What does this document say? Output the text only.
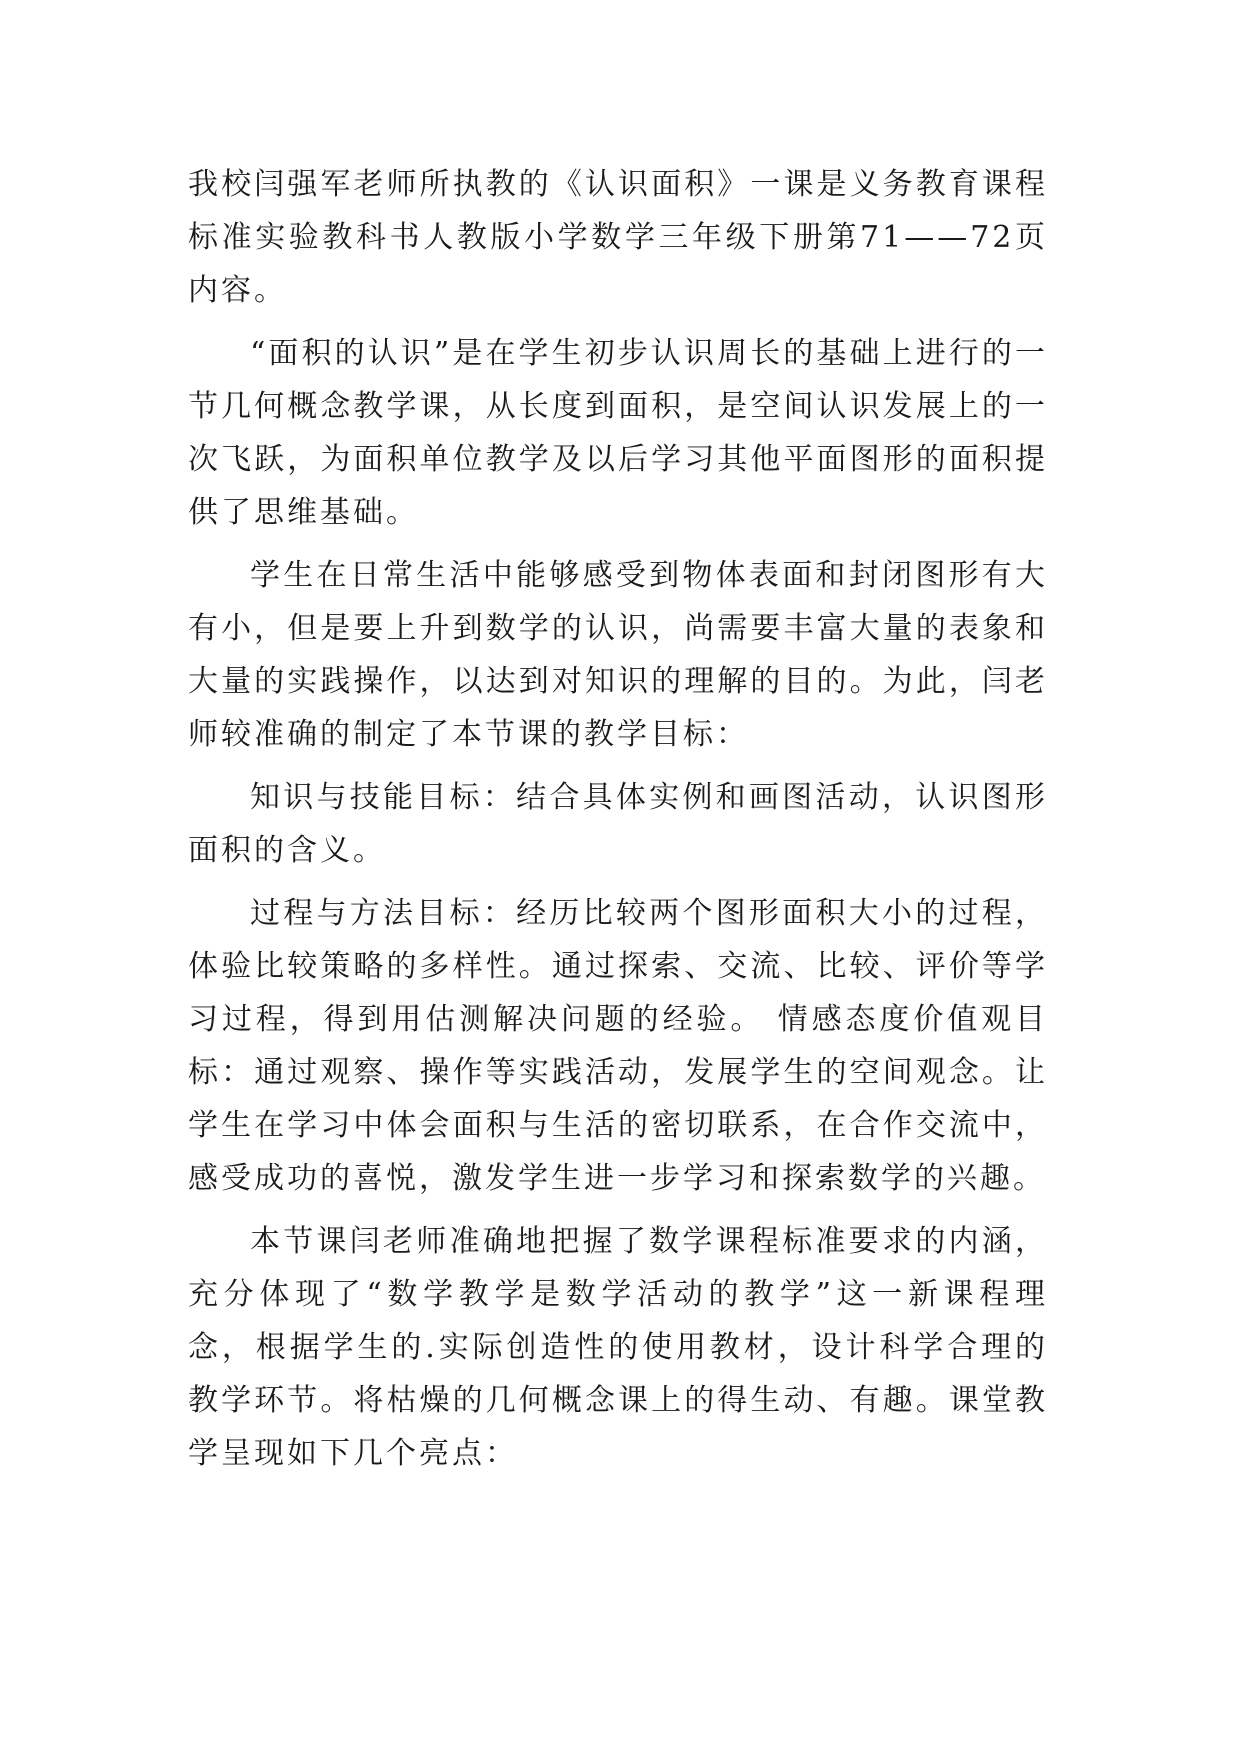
我校闫强军老师所执教的《认识面积》一课是义务教育课程标准实验教科书人教版小学数学三年级下册第71——72页内容。

“面积的认识”是在学生初步认识周长的基础上进行的一节几何概念教学课，从长度到面积，是空间认识发展上的一次飞跃，为面积单位教学及以后学习其他平面图形的面积提供了思维基础。

学生在日常生活中能够感受到物体表面和封闭图形有大有小，但是要上升到数学的认识，尚需要丰富大量的表象和大量的实践操作，以达到对知识的理解的目的。为此，闫老师较准确的制定了本节课的教学目标：

知识与技能目标：结合具体实例和画图活动，认识图形面积的含义。

过程与方法目标：经历比较两个图形面积大小的过程，体验比较策略的多样性。通过探索、交流、比较、评价等学习过程，得到用估测解决问题的经验。 情感态度价值观目标：通过观察、操作等实践活动，发展学生的空间观念。让学生在学习中体会面积与生活的密切联系，在合作交流中，感受成功的喜悦，激发学生进一步学习和探索数学的兴趣。

本节课闫老师准确地把握了数学课程标准要求的内涵，充分体现了“数学教学是数学活动的教学”这一新课程理念，根据学生的.实际创造性的使用教材，设计科学合理的教学环节。将枯燥的几何概念课上的得生动、有趣。课堂教学呈现如下几个亮点：
